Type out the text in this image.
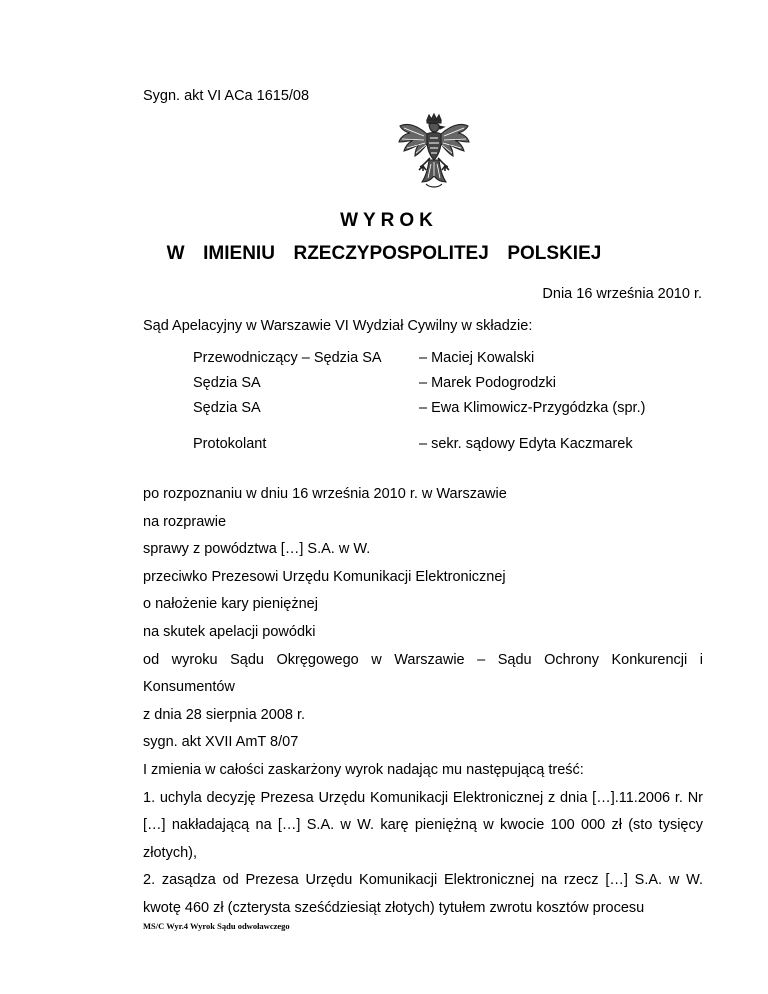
Sygn. akt VI ACa 1615/08
WYROK
W  IMIENIU  RZECZYPOSPOLITEJ  POLSKIEJ
Dnia 16 września 2010 r.
Sąd Apelacyjny w Warszawie VI Wydział Cywilny w składzie:
Przewodniczący – Sędzia SA	– Maciej Kowalski
Sędzia SA	– Marek Podogrodzki
Sędzia SA	– Ewa Klimowicz-Przygódzka (spr.)
Protokolant	– sekr. sądowy Edyta Kaczmarek

po rozpoznaniu w dniu 16 września 2010 r. w Warszawie

na rozprawie

sprawy z powództwa […] S.A. w W.

przeciwko Prezesowi Urzędu Komunikacji Elektronicznej

o nałożenie kary pieniężnej

na skutek apelacji powódki

od wyroku Sądu Okręgowego w Warszawie – Sądu Ochrony Konkurencji i Konsumentów

z dnia 28 sierpnia 2008 r.

sygn. akt XVII AmT 8/07

I zmienia w całości zaskarżony wyrok nadając mu następującą treść:

1. uchyla decyzję Prezesa Urzędu Komunikacji Elektronicznej z dnia […].11.2006 r. Nr […] nakładającą na […] S.A. w W. karę pieniężną w kwocie 100 000 zł (sto tysięcy złotych),

2. zasądza od Prezesa Urzędu Komunikacji Elektronicznej na rzecz […] S.A. w W. kwotę 460 zł (czterysta sześćdziesiąt złotych) tytułem zwrotu kosztów procesu

MS/C Wyr.4 Wyrok Sądu odwoławczego
